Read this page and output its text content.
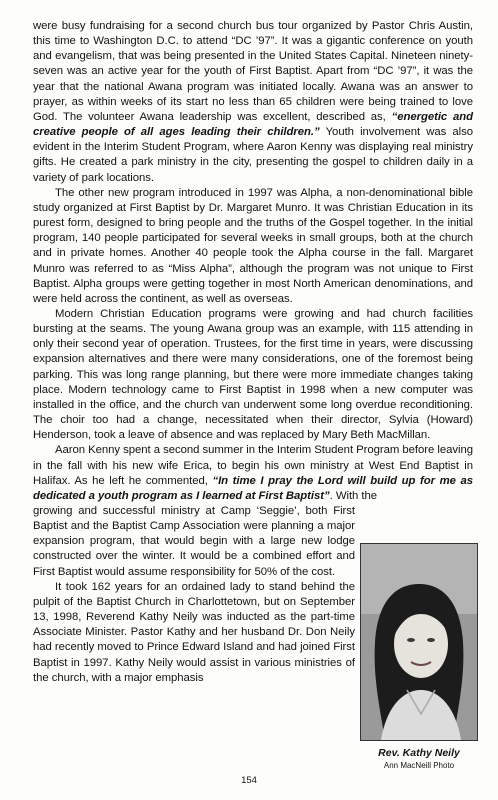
were busy fundraising for a second church bus tour organized by Pastor Chris Austin, this time to Washington D.C. to attend “DC ’97”. It was a gigantic conference on youth and evangelism, that was being presented in the United States Capital. Nineteen ninety-seven was an active year for the youth of First Baptist. Apart from “DC ’97”, it was the year that the national Awana program was initiated locally. Awana was an answer to prayer, as within weeks of its start no less than 65 children were being trained to love God. The volunteer Awana leadership was excellent, described as, “energetic and creative people of all ages leading their children.” Youth involvement was also evident in the Interim Student Program, where Aaron Kenny was displaying real ministry gifts. He created a park ministry in the city, presenting the gospel to children daily in a variety of park locations.

The other new program introduced in 1997 was Alpha, a non-denominational bible study organized at First Baptist by Dr. Margaret Munro. It was Christian Education in its purest form, designed to bring people and the truths of the Gospel together. In the initial program, 140 people participated for several weeks in small groups, both at the church and in private homes. Another 40 people took the Alpha course in the fall. Margaret Munro was referred to as “Miss Alpha”, although the program was not unique to First Baptist. Alpha groups were getting together in most North American denominations, and were held across the continent, as well as overseas.

Modern Christian Education programs were growing and had church facilities bursting at the seams. The young Awana group was an example, with 115 attending in only their second year of operation. Trustees, for the first time in years, were discussing expansion alternatives and there were many considerations, one of the foremost being parking. This was long range planning, but there were more immediate changes taking place. Modern technology came to First Baptist in 1998 when a new computer was installed in the office, and the church van underwent some long overdue reconditioning. The choir too had a change, necessitated when their director, Sylvia (Howard) Henderson, took a leave of absence and was replaced by Mary Beth MacMillan.

Aaron Kenny spent a second summer in the Interim Student Program before leaving in the fall with his new wife Erica, to begin his own ministry at West End Baptist in Halifax. As he left he commented, “In time I pray the Lord will build up for me as dedicated a youth program as I learned at First Baptist”. With the

growing and successful ministry at Camp ‘Seggie’, both First Baptist and the Baptist Camp Association were planning a major expansion program, that would begin with a large new lodge constructed over the winter. It would be a combined effort and First Baptist would assume responsibility for 50% of the cost.

It took 162 years for an ordained lady to stand behind the pulpit of the Baptist Church in Charlottetown, but on September 13, 1998, Reverend Kathy Neily was inducted as the part-time Associate Minister. Pastor Kathy and her husband Dr. Don Neily had recently moved to Prince Edward Island and had joined First Baptist in 1997. Kathy Neily would assist in various ministries of the church, with a major emphasis

Rev. Kathy Neily
Ann MacNeill Photo
154
